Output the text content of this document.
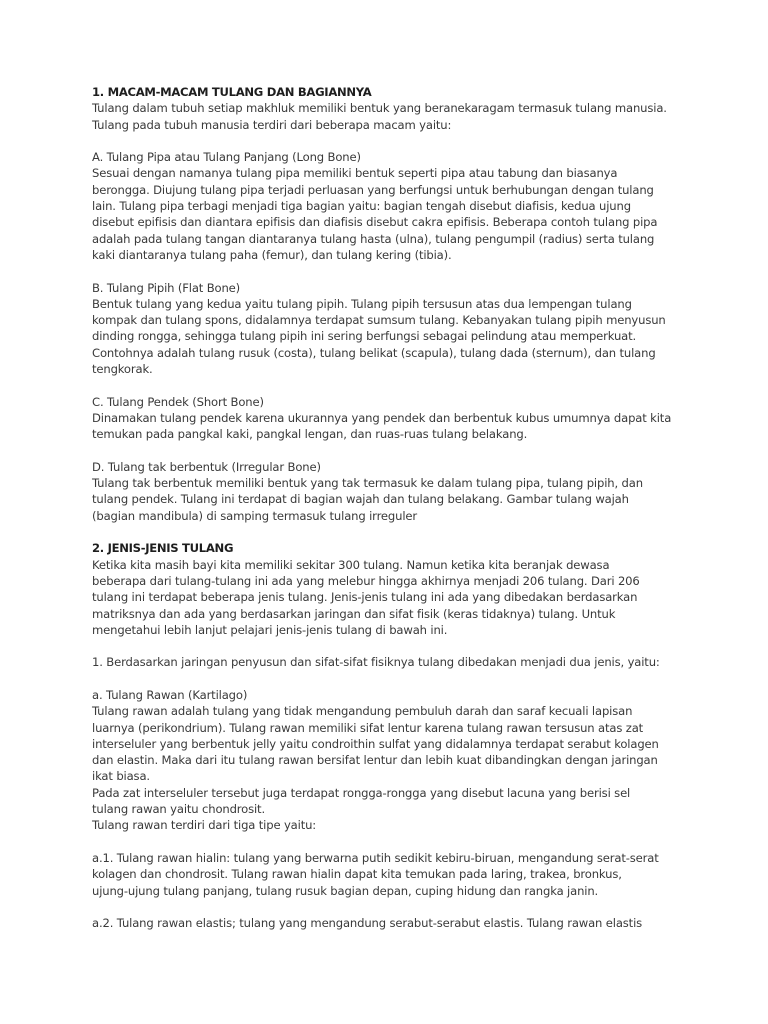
1. MACAM-MACAM TULANG DAN BAGIANNYA

Tulang dalam tubuh setiap makhluk memiliki bentuk yang beranekaragam termasuk tulang manusia.

Tulang pada tubuh manusia terdiri dari beberapa macam yaitu:

A. Tulang Pipa atau Tulang Panjang (Long Bone)

Sesuai dengan namanya tulang pipa memiliki bentuk seperti pipa atau tabung dan biasanya

berongga. Diujung tulang pipa terjadi perluasan yang berfungsi untuk berhubungan dengan tulang

lain. Tulang pipa terbagi menjadi tiga bagian yaitu: bagian tengah disebut diafisis, kedua ujung

disebut epifisis dan diantara epifisis dan diafisis disebut cakra epifisis. Beberapa contoh tulang pipa

adalah pada tulang tangan diantaranya tulang hasta (ulna), tulang pengumpil (radius) serta tulang

kaki diantaranya tulang paha (femur), dan tulang kering (tibia).

B. Tulang Pipih (Flat Bone)

Bentuk tulang yang kedua yaitu tulang pipih. Tulang pipih tersusun atas dua lempengan tulang

kompak dan tulang spons, didalamnya terdapat sumsum tulang. Kebanyakan tulang pipih menyusun

dinding rongga, sehingga tulang pipih ini sering berfungsi sebagai pelindung atau memperkuat.

Contohnya adalah tulang rusuk (costa), tulang belikat (scapula), tulang dada (sternum), dan tulang

tengkorak.

C. Tulang Pendek (Short Bone)

Dinamakan tulang pendek karena ukurannya yang pendek dan berbentuk kubus umumnya dapat kita

temukan pada pangkal kaki, pangkal lengan, dan ruas-ruas tulang belakang.

D. Tulang tak berbentuk (Irregular Bone)

Tulang tak berbentuk memiliki bentuk yang tak termasuk ke dalam tulang pipa, tulang pipih, dan

tulang pendek. Tulang ini terdapat di bagian wajah dan tulang belakang. Gambar tulang wajah

(bagian mandibula) di samping termasuk tulang irreguler

2. JENIS-JENIS TULANG

Ketika kita masih bayi kita memiliki sekitar 300 tulang. Namun ketika kita beranjak dewasa

beberapa dari tulang-tulang ini ada yang melebur hingga akhirnya menjadi 206 tulang. Dari 206

tulang ini terdapat beberapa jenis tulang. Jenis-jenis tulang ini ada yang dibedakan berdasarkan

matriksnya dan ada yang berdasarkan jaringan dan sifat fisik (keras tidaknya) tulang. Untuk

mengetahui lebih lanjut pelajari jenis-jenis tulang di bawah ini.

1. Berdasarkan jaringan penyusun dan sifat-sifat fisiknya tulang dibedakan menjadi dua jenis, yaitu:

a. Tulang Rawan (Kartilago)

Tulang rawan adalah tulang yang tidak mengandung pembuluh darah dan saraf kecuali lapisan

luarnya (perikondrium). Tulang rawan memiliki sifat lentur karena tulang rawan tersusun atas zat

interseluler yang berbentuk jelly yaitu condroithin sulfat yang didalamnya terdapat serabut kolagen

dan elastin. Maka dari itu tulang rawan bersifat lentur dan lebih kuat dibandingkan dengan jaringan

ikat biasa.

Pada zat interseluler tersebut juga terdapat rongga-rongga yang disebut lacuna yang berisi sel

tulang rawan yaitu chondrosit.

Tulang rawan terdiri dari tiga tipe yaitu:

a.1. Tulang rawan hialin: tulang yang berwarna putih sedikit kebiru-biruan, mengandung serat-serat

kolagen dan chondrosit. Tulang rawan hialin dapat kita temukan pada laring, trakea, bronkus,

ujung-ujung tulang panjang, tulang rusuk bagian depan, cuping hidung dan rangka janin.

a.2. Tulang rawan elastis; tulang yang mengandung serabut-serabut elastis. Tulang rawan elastis
